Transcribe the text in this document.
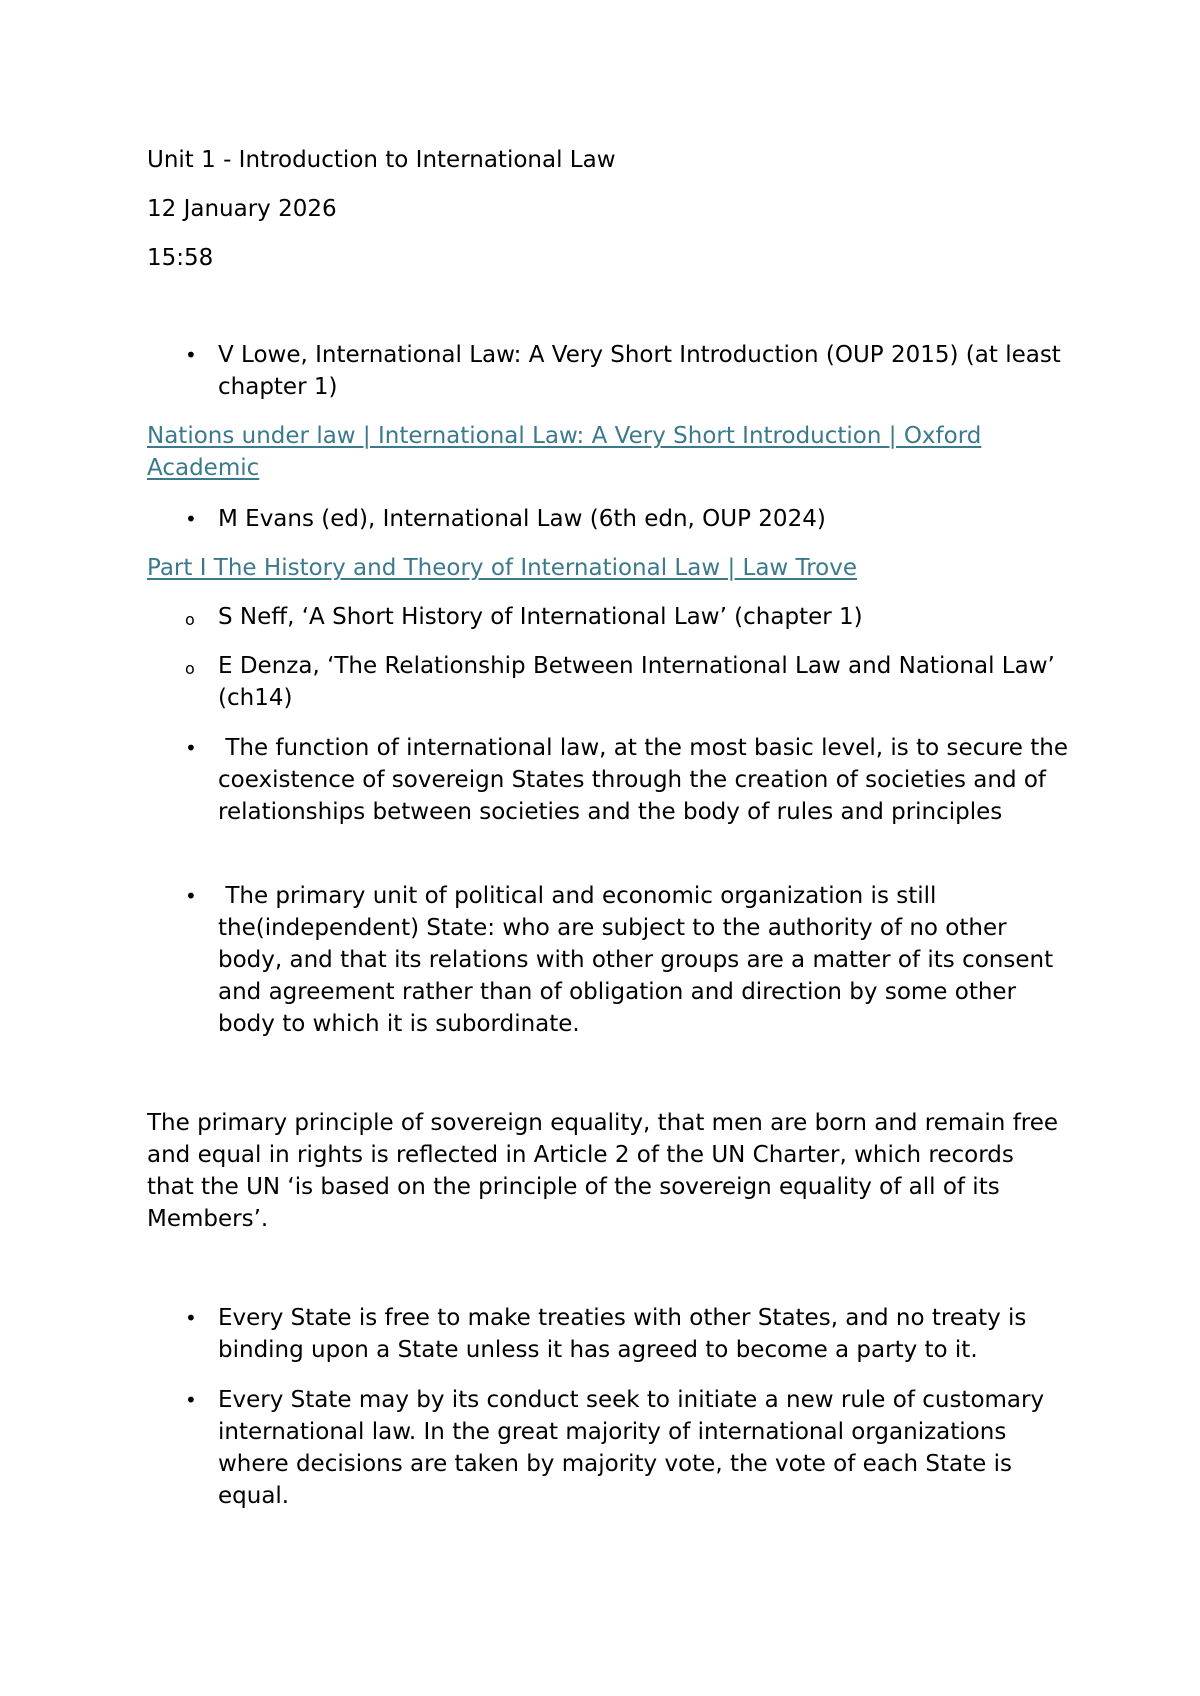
Unit 1 - Introduction to International Law

12 January 2026

15:58

• V Lowe, International Law: A Very Short Introduction (OUP 2015) (at least chapter 1)

Nations under law | International Law: A Very Short Introduction | Oxford Academic

• M Evans (ed), International Law (6th edn, OUP 2024)

Part I The History and Theory of International Law | Law Trove

o	S Neff, ‘A Short History of International Law’ (chapter 1)
o	E Denza, ‘The Relationship Between International Law and National Law’ (ch14)
• The function of international law, at the most basic level, is to secure the coexistence of sovereign States through the creation of societies and of relationships between societies and the body of rules and principles
• The primary unit of political and economic organization is still the(independent) State: who are subject to the authority of no other body, and that its relations with other groups are a matter of its consent and agreement rather than of obligation and direction by some other body to which it is subordinate.

The primary principle of sovereign equality, that men are born and remain free and equal in rights is reflected in Article 2 of the UN Charter, which records that the UN ‘is based on the principle of the sovereign equality of all of its Members’.

• Every State is free to make treaties with other States, and no treaty is binding upon a State unless it has agreed to become a party to it.
• Every State may by its conduct seek to initiate a new rule of customary international law. In the great majority of international organizations where decisions are taken by majority vote, the vote of each State is equal.
